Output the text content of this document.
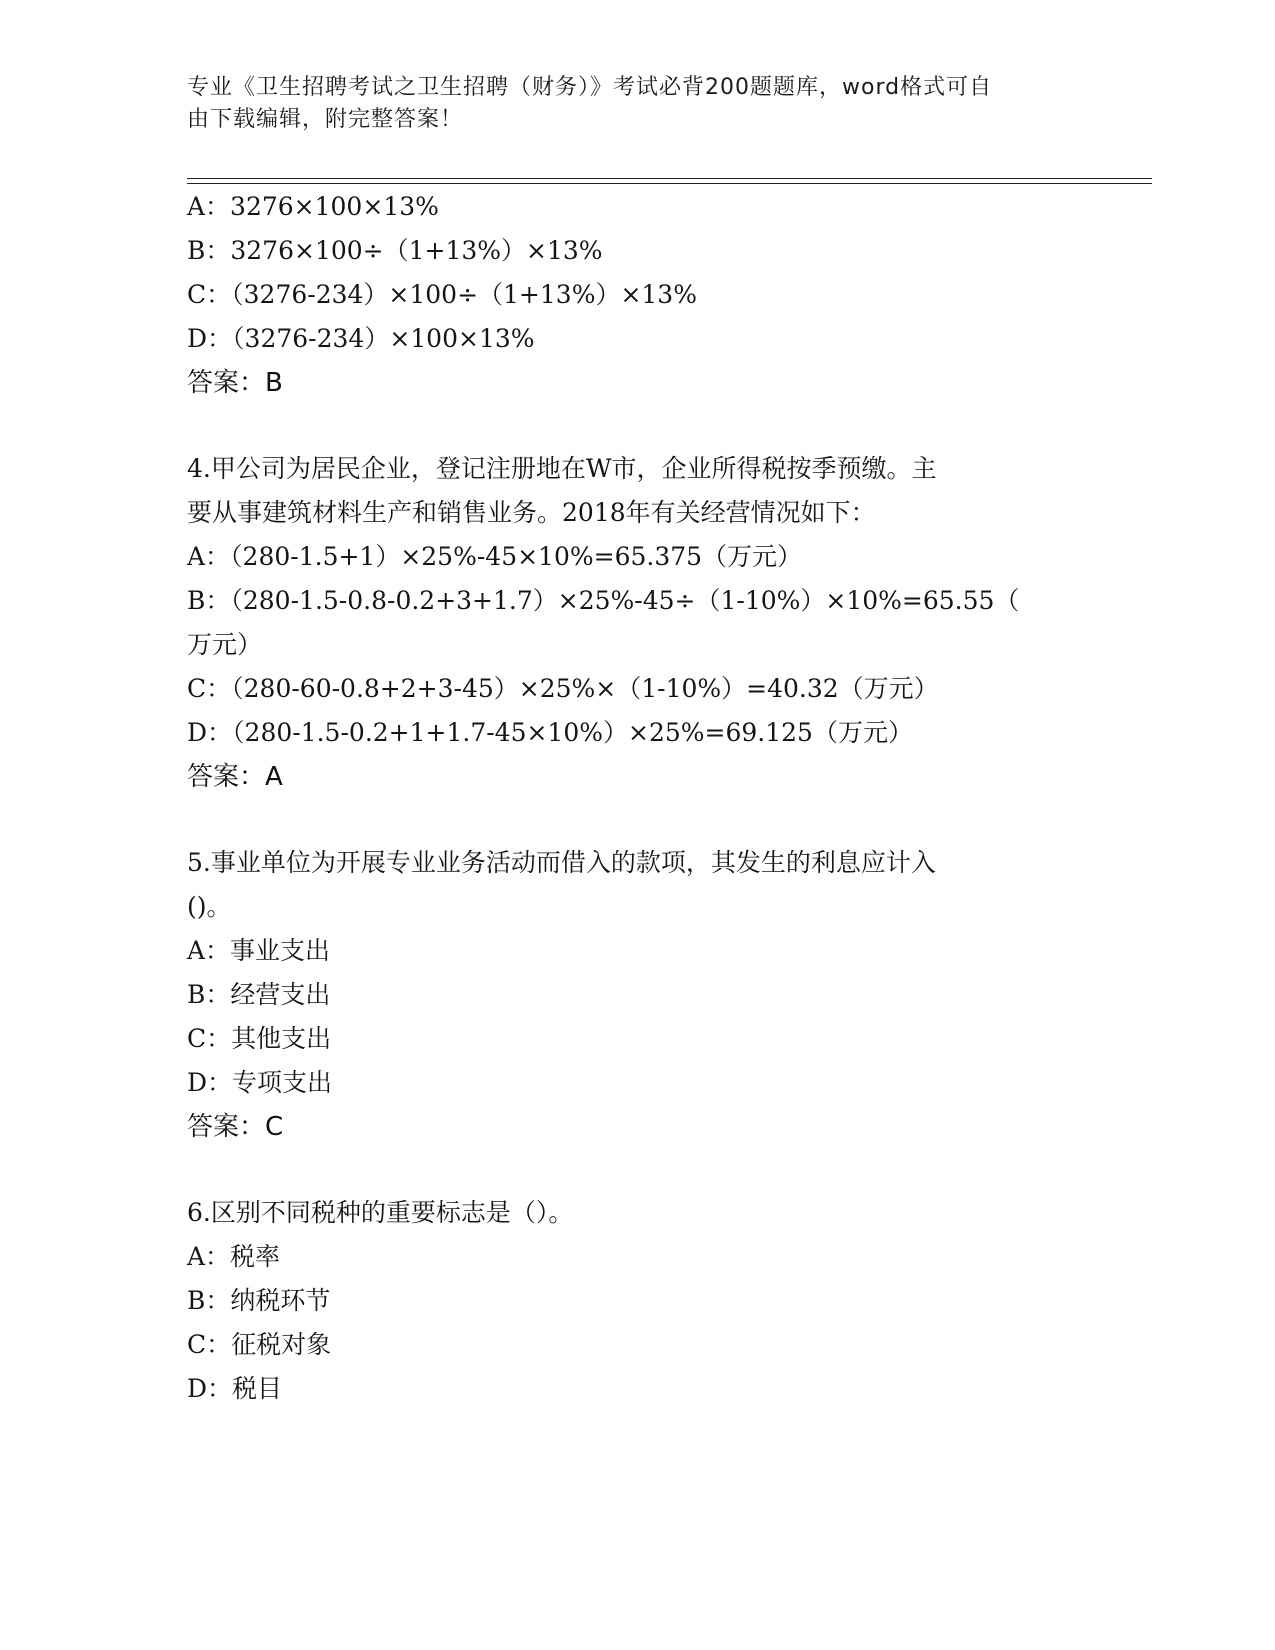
专业《卫生招聘考试之卫生招聘（财务）》考试必背200题题库，word格式可自
由下载编辑，附完整答案！
A：3276×100×13%
B：3276×100÷（1+13%）×13%
C：（3276-234）×100÷（1+13%）×13%
D：（3276-234）×100×13%
答案：B
4.甲公司为居民企业，登记注册地在W市，企业所得税按季预缴。主
要从事建筑材料生产和销售业务。2018年有关经营情况如下：
A：（280-1.5+1）×25%-45×10%=65.375（万元）
B：（280-1.5-0.8-0.2+3+1.7）×25%-45÷（1-10%）×10%=65.55（
万元）
C：（280-60-0.8+2+3-45）×25%×（1-10%）=40.32（万元）
D：（280-1.5-0.2+1+1.7-45×10%）×25%=69.125（万元）
答案：A
5.事业单位为开展专业业务活动而借入的款项，其发生的利息应计入
()。
A：事业支出
B：经营支出
C：其他支出
D：专项支出
答案：C
6.区别不同税种的重要标志是（）。
A：税率
B：纳税环节
C：征税对象
D：税目
